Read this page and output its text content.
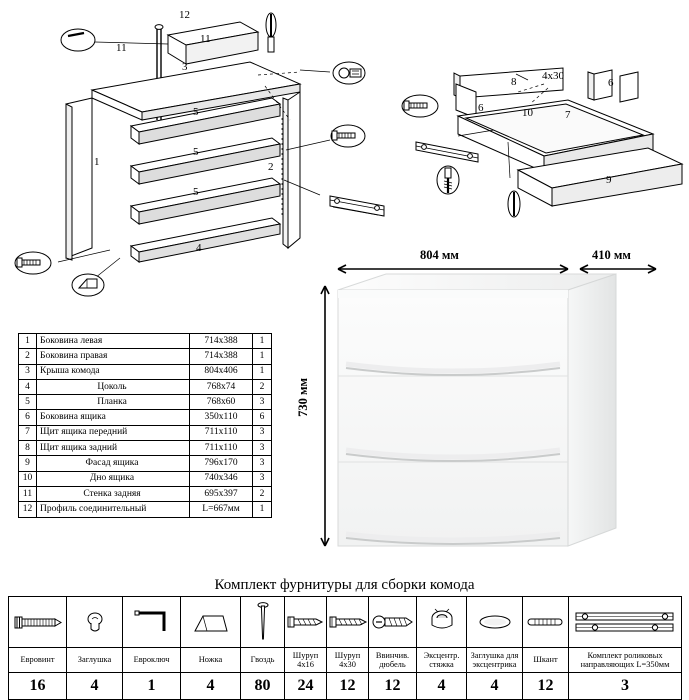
12
11
11
3
5
5
5
1	2
4
8 4x30
6
6	10	7
9
804 мм	410 мм
730 мм
1	Боковина левая	714х388	1
2	Боковина правая	714х388	1
3	Крыша комода	804х406	1
4	Цоколь	768х74	2
5	Планка	768х60	3
6	Боковина ящика	350х110	6
7	Щит ящика передний	711х110	3
8	Щит ящика задний	711х110	3
9	Фасад ящика	796х170	3
10	Дно ящика	740х346	3
11	Стенка задняя	695х397	2
12	Профиль соединительный	L=667мм	1
Комплект фурнитуры для сборки комода

Евровинт	Заглушка	Евроключ	Ножка	Гвоздь	Шуруп 4х16	Шуруп 4х30	Ввинчив. дюбель	Эксцентр. стяжка	Заглушка для эксцентрика	Шкант	Комплект роликовых направляющих L=350мм
16	4	1	4	80	24	12	12	4	4	12	3
